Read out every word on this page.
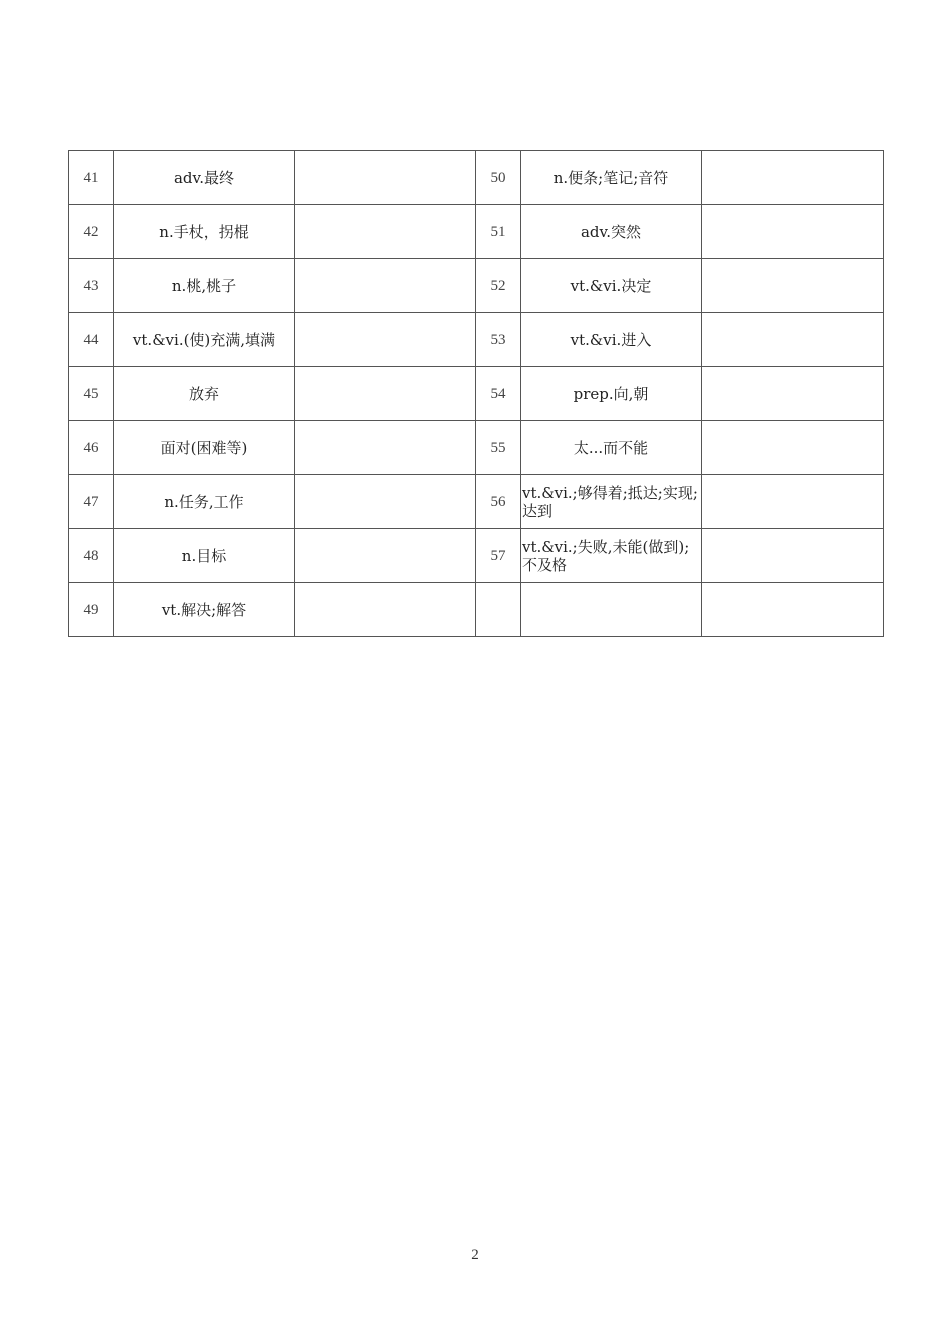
41	adv.最终		50	n.便条;笔记;音符	
42	n.手杖，拐棍		51	adv.突然	
43	n.桃,桃子		52	vt.&vi.决定	
44	vt.&vi.(使)充满,填满		53	vt.&vi.进入	
45	放弃		54	prep.向,朝	
46	面对(困难等)		55	太...而不能	
47	n.任务,工作		56	vt.&vi.;够得着;抵达;实现;达到	
48	n.目标		57	vt.&vi.;失败,未能(做到);不及格	
49	vt.解决;解答				
2
